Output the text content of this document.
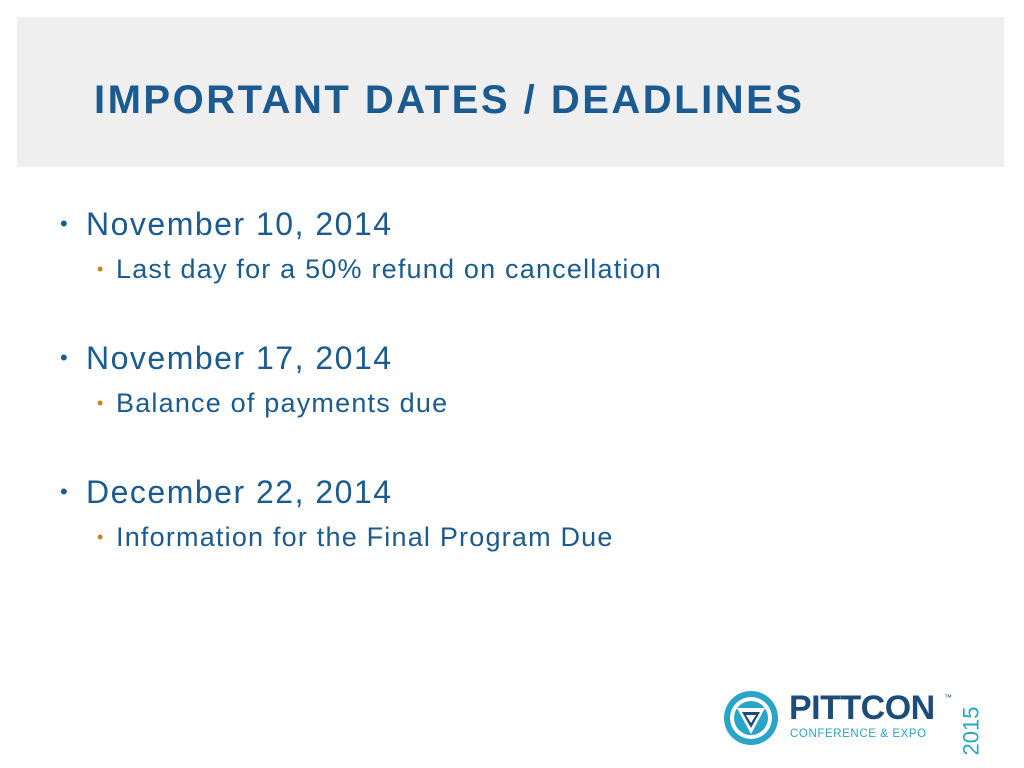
IMPORTANT DATES / DEADLINES
• November 10, 2014
• Last day for a 50% refund on cancellation
• November 17, 2014
• Balance of payments due
• December 22, 2014
• Information for the Final Program Due
PITTCON ™
CONFERENCE & EXPO 2015
